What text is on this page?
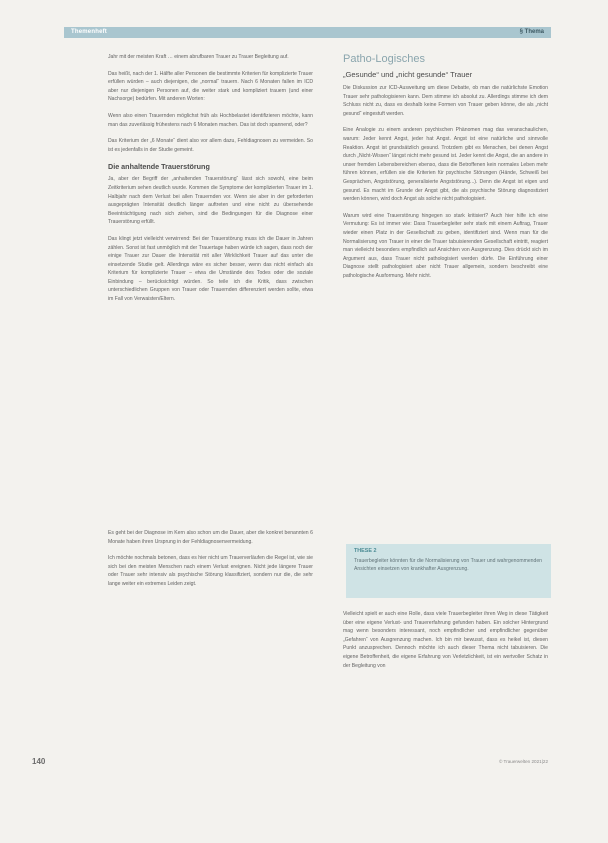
Themenheft	§ Thema

Jahr mit der meisten Kraft … einem abrufbaren Trauer zu Trauer Begleitung auf.

Das heißt, nach der 1. Hälfte aller Personen die bestimmte Kriterien für komplizierte Trauer erfüllen würden – auch diejenigen, die „normal“ trauern. Nach 6 Monaten fallen im ICD aber nur diejenigen Personen auf, die weiter stark und kompliziert trauern (und einer Nachsorge) bedürfen. Mit anderen Worten:

Wenn also einen Trauernden möglichst früh als Hochbelastet identifizieren möchte, kann man das zuverlässig frühestens nach 6 Monaten machen. Das ist doch spannend, oder?

Das Kriterium der „6 Monate“ dient also vor allem dazu, Fehldiagnosen zu vermeiden. So ist es jedenfalls in der Studie gemeint.

Die anhaltende Trauerstörung

Ja, aber der Begriff der „anhaltenden Trauerstörung“ lässt sich sowohl, eine beim Zeitkriterium sehen deutlich wurde. Kommen die Symptome der komplizierten Trauer im 1. Halbjahr nach dem Verlust bei allen Trauernden vor. Wenn sie aber in der geforderten ausgeprägten Intensität deutlich länger auftreten und eine nicht zu übersehende Beeinträchtigung nach sich ziehen, sind die Bedingungen für die Diagnose einer Trauerstörung erfüllt.

Das klingt jetzt vielleicht verwirrend: Bei der Trauerstörung muss ich die Dauer in Jahren zählen. Sonst ist fast unmöglich mit der Trauertage haben würde ich sagen, dass noch der einige Trauer zur Dauer die Intensität mit aller Wirklichkeit Trauer auf das unter die einsetzende Studie gelt. Allerdings wäre es sicher besser, wenn das nicht einfach als Kriterium für komplizierte Trauer – etwa die Umstände des Todes oder die soziale Einbindung – berücksichtigt würden. So teile ich die Kritik, dass zwischen unterschiedlichen Gruppen von Trauer oder Trauernden differenziert werden sollte, etwa im Fall von Verwaisten/Eltern.

Es geht bei der Diagnose im Kern also schon um die Dauer, aber die konkret benannten 6 Monate haben ihren Ursprung in der Fehldiagnosenvermeidung.

Ich möchte nochmals betonen, dass es hier nicht um Trauerverläufen die Regel ist, wie sie sich bei den meisten Menschen nach einem Verlust ereignen. Nicht jede längere Trauer oder Trauer sehr intensiv als psychische Störung klassifiziert, sondern nur die, die sehr lange weiter ein extremes Leiden zeigt.

Patho-Logisches
„Gesunde“ und „nicht gesunde“ Trauer

Die Diskussion zur ICD-Ausweitung um diese Debatte, ob man die natürlichste Emotion Trauer sehr pathologisieren kann. Dem stimme ich absolut zu. Allerdings stimme ich dem Schluss nicht zu, dass es deshalb keine Formen von Trauer geben könne, die als „nicht gesund“ eingestuft werden.

Eine Analogie zu einem anderen psychischen Phänomen mag das veranschaulichen, warum: Jeder kennt Angst, jeder hat Angst. Angst ist eine natürliche und sinnvolle Reaktion. Angst ist grundsätzlich gesund. Trotzdem gibt es Menschen, bei denen Angst durch „Nicht-Wissen“ längst nicht mehr gesund ist. Jeder kennt die Angst, die an andere in unser fremden Lebensbereichen ebenso, dass die Betroffenen kein normales Leben mehr führen können, erfüllen sie die Kriterien für psychische Störungen (Hände, Schweiß bei Gesprächen, Angststörung, generalisierte Angststörung...). Denn die Angst ist eigen und gesund. Es macht im Grunde der Angst gibt, die als psychische Störung diagnostiziert werden können, wird doch Angst als solche nicht pathologisiert.

Warum wird eine Trauerstörung hingegen so stark kritisiert? Auch hier hilfe ich eine Vermutung: Es ist immer wie: Dass Trauerbegleiter sehr stark mit einem Auftrag, Trauer wieder einen Platz in der Gesellschaft zu geben, identifiziert sind. Wenn man für die Normalisierung von Trauer in einer die Trauer tabuisierenden Gesellschaft eintritt, reagiert man vielleicht besonders empfindlich auf Ansichten von Ausgrenzung. Dies drückt sich im Argument aus, dass Trauer nicht pathologisiert werden dürfe. Die Einführung einer Diagnose stellt pathologisiert aber nicht Trauer allgemein, sondern beschreibt eine pathologische Ausformung. Mehr nicht.

THESE 2

Trauerbegleiter könnten für die Normalisierung von Trauer und wahrgenommenden Ansichten einsetzen von krankhafter Ausgrenzung.

Vielleicht spielt er auch eine Rolle, dass viele Trauerbegleiter ihren Weg in diese Tätigkeit über eine eigene Verlust- und Trauererfahrung gefunden haben. Ein solcher Hintergrund mag wenn besonders interessant, noch empfindlicher und empfindlicher gegenüber „Gefahren“ von Ausgrenzung machen. Ich bin mir bewusst, dass es heikel ist, diesen Punkt anzusprechen. Dennoch möchte ich auch dieser Thema nicht tabuisieren. Die eigene Betroffenheit, die eigene Erfahrung von Verletzlichkeit, ist ein wertvoller Schatz in der Begleitung von

140	© Trauerwelten 2021|22
